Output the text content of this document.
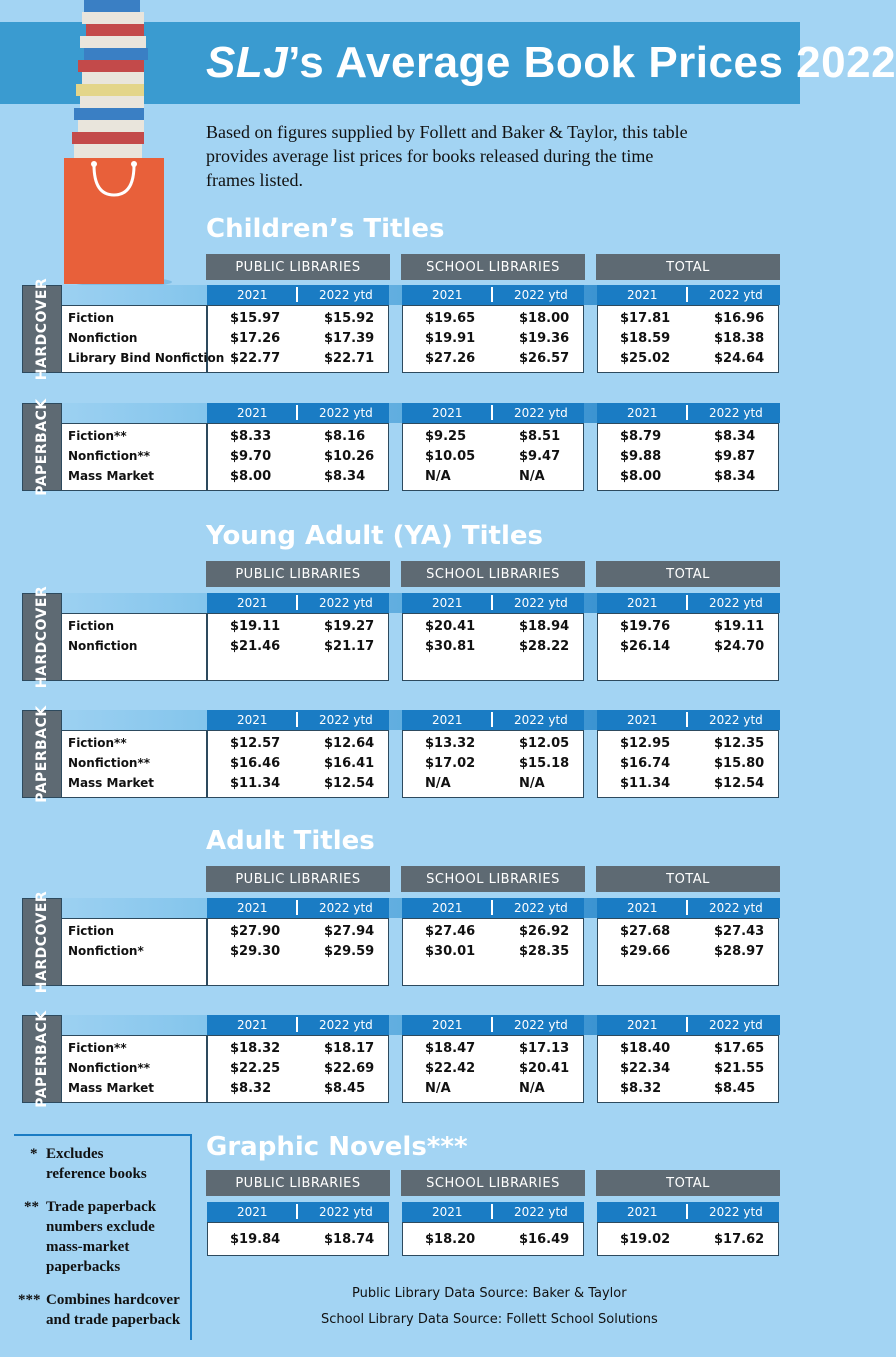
SLJ’s Average Book Prices 2022
Based on figures supplied by Follett and Baker & Taylor, this table provides average list prices for books released during the time frames listed.
Children’s Titles
PUBLIC LIBRARIES	SCHOOL LIBRARIES	TOTAL
2021	2022 ytd	2021	2022 ytd	2021	2022 ytd
HARDCOVER Fiction	$15.97	$15.92	$19.65	$18.00	$17.81	$16.96
Nonfiction	$17.26	$17.39	$19.91	$19.36	$18.59	$18.38
Library Bind Nonfiction $22.77	$22.71	$27.26	$26.57	$25.02	$24.64
2021	2022 ytd	2021	2022 ytd	2021	2022 ytd
PAPERBACK Fiction**	$8.33	$8.16	$9.25	$8.51	$8.79	$8.34
Nonfiction**	$9.70	$10.26	$10.05	$9.47	$9.88	$9.87
Mass Market	$8.00	$8.34	N/A	N/A	$8.00	$8.34
Young Adult (YA) Titles
PUBLIC LIBRARIES	SCHOOL LIBRARIES	TOTAL
2021	2022 ytd	2021	2022 ytd	2021	2022 ytd
HARDCOVER Fiction	$19.11	$19.27	$20.41	$18.94	$19.76	$19.11
Nonfiction	$21.46	$21.17	$30.81	$28.22	$26.14	$24.70
2021	2022 ytd	2021	2022 ytd	2021	2022 ytd
PAPERBACK Fiction**	$12.57	$12.64	$13.32	$12.05	$12.95	$12.35
Nonfiction**	$16.46	$16.41	$17.02	$15.18	$16.74	$15.80
Mass Market	$11.34	$12.54	N/A	N/A	$11.34	$12.54
Adult Titles
PUBLIC LIBRARIES	SCHOOL LIBRARIES	TOTAL
2021	2022 ytd	2021	2022 ytd	2021	2022 ytd
HARDCOVER Fiction	$27.90	$27.94	$27.46	$26.92	$27.68	$27.43
Nonfiction*	$29.30	$29.59	$30.01	$28.35	$29.66	$28.97
2021	2022 ytd	2021	2022 ytd	2021	2022 ytd
PAPERBACK Fiction**	$18.32	$18.17	$18.47	$17.13	$18.40	$17.65
Nonfiction**	$22.25	$22.69	$22.42	$20.41	$22.34	$21.55
Mass Market	$8.32	$8.45	N/A	N/A	$8.32	$8.45
Graphic Novels***
PUBLIC LIBRARIES	SCHOOL LIBRARIES	TOTAL
2021	2022 ytd	2021	2022 ytd	2021	2022 ytd
$19.84	$18.74	$18.20	$16.49	$19.02	$17.62
* Excludes reference books
** Trade paperback numbers exclude mass-market paperbacks
*** Combines hardcover and trade paperback
Public Library Data Source: Baker & Taylor
School Library Data Source: Follett School Solutions
